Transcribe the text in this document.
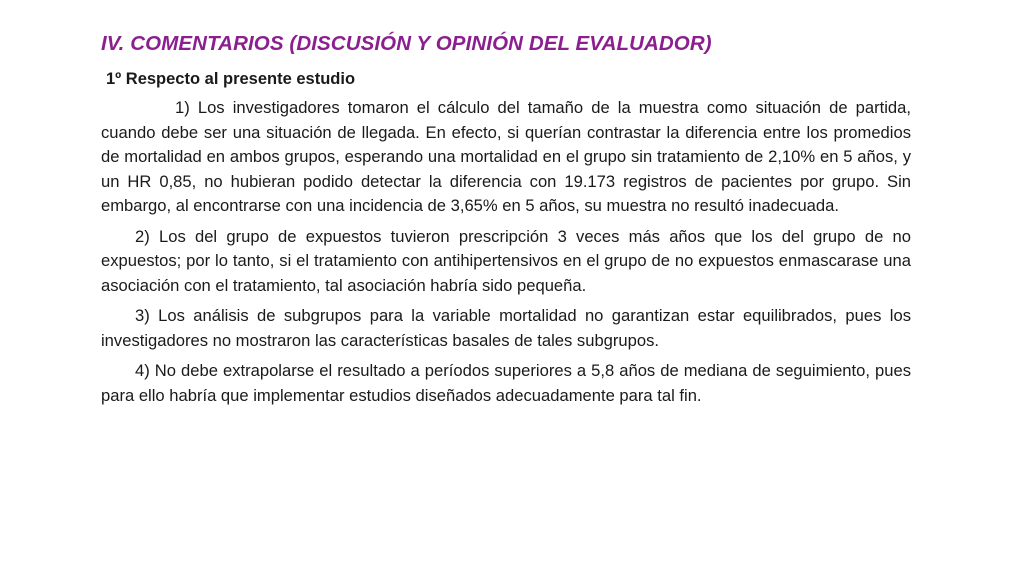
IV. COMENTARIOS (DISCUSIÓN Y OPINIÓN DEL EVALUADOR)
1º Respecto al presente estudio

1) Los investigadores tomaron el cálculo del tamaño de la muestra como situación de partida, cuando debe ser una situación de llegada. En efecto, si querían contrastar la diferencia entre los promedios de mortalidad en ambos grupos, esperando una mortalidad en el grupo sin tratamiento de 2,10% en 5 años, y un HR 0,85, no hubieran podido detectar la diferencia con 19.173 registros de pacientes por grupo. Sin embargo, al encontrarse con una incidencia de 3,65% en 5 años, su muestra no resultó inadecuada.

2) Los del grupo de expuestos tuvieron prescripción 3 veces más años que los del grupo de no expuestos; por lo tanto, si el tratamiento con antihipertensivos en el grupo de no expuestos enmascarase una asociación con el tratamiento, tal asociación habría sido pequeña.

3) Los análisis de subgrupos para la variable mortalidad no garantizan estar equilibrados, pues los investigadores no mostraron las características basales de tales subgrupos.

4) No debe extrapolarse el resultado a períodos superiores a 5,8 años de mediana de seguimiento, pues para ello habría que implementar estudios diseñados adecuadamente para tal fin.
